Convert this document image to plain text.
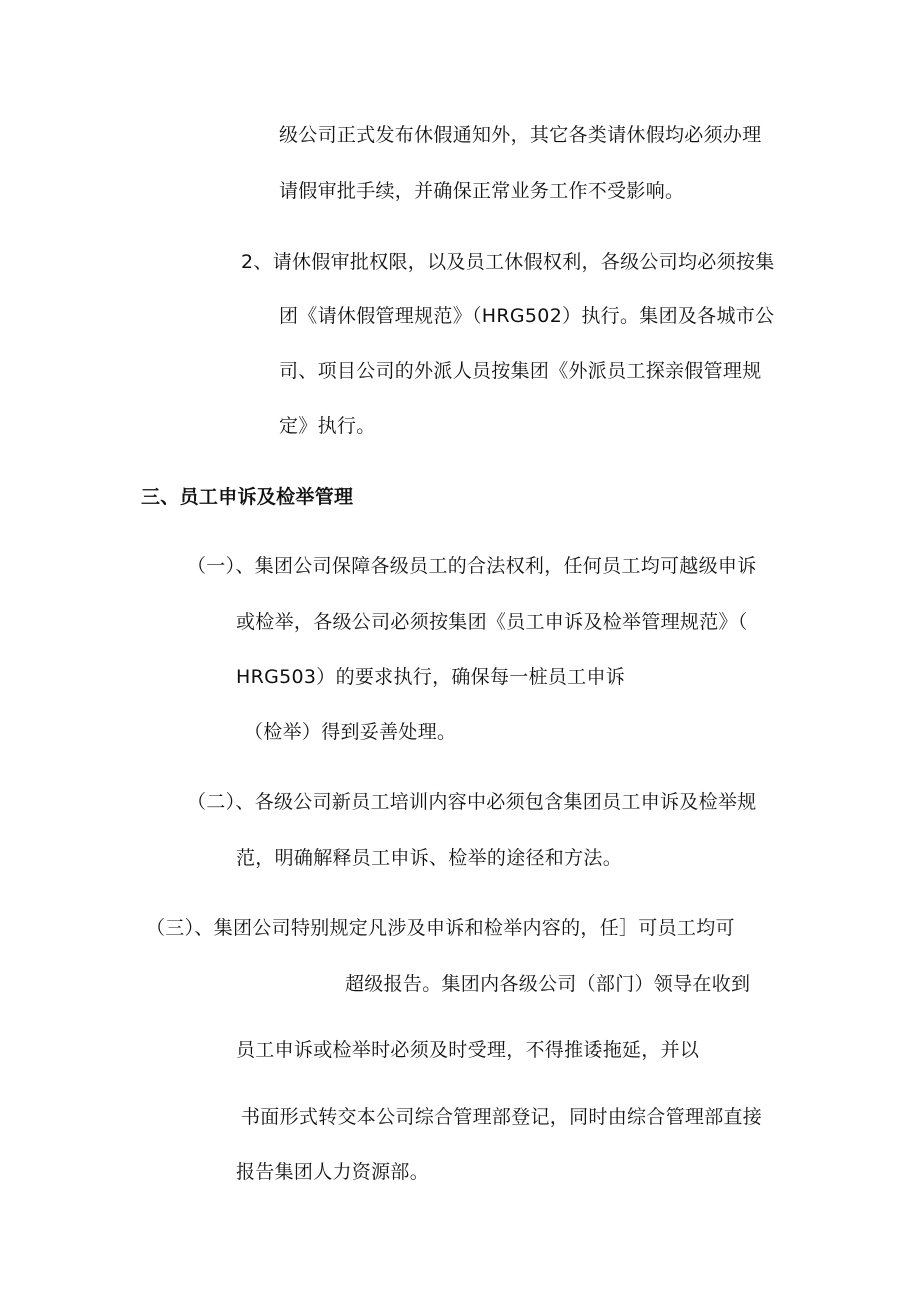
级公司正式发布休假通知外，其它各类请休假均必须办理
请假审批手续，并确保正常业务工作不受影响。
2、请休假审批权限，以及员工休假权利，各级公司均必须按集
团《请休假管理规范》（HRG502）执行。集团及各城市公
司、项目公司的外派人员按集团《外派员工探亲假管理规
定》执行。
三、员工申诉及检举管理
（一）、集团公司保障各级员工的合法权利，任何员工均可越级申诉
或检举，各级公司必须按集团《员工申诉及检举管理规范》（
HRG503）的要求执行，确保每一桩员工申诉
（检举）得到妥善处理。
（二）、各级公司新员工培训内容中必须包含集团员工申诉及检举规
范，明确解释员工申诉、检举的途径和方法。
（三）、集团公司特别规定凡涉及申诉和检举内容的，任］可员工均可
超级报告。集团内各级公司（部门）领导在收到
员工申诉或检举时必须及时受理，不得推诿拖延，并以
书面形式转交本公司综合管理部登记，同时由综合管理部直接
报告集团人力资源部。
